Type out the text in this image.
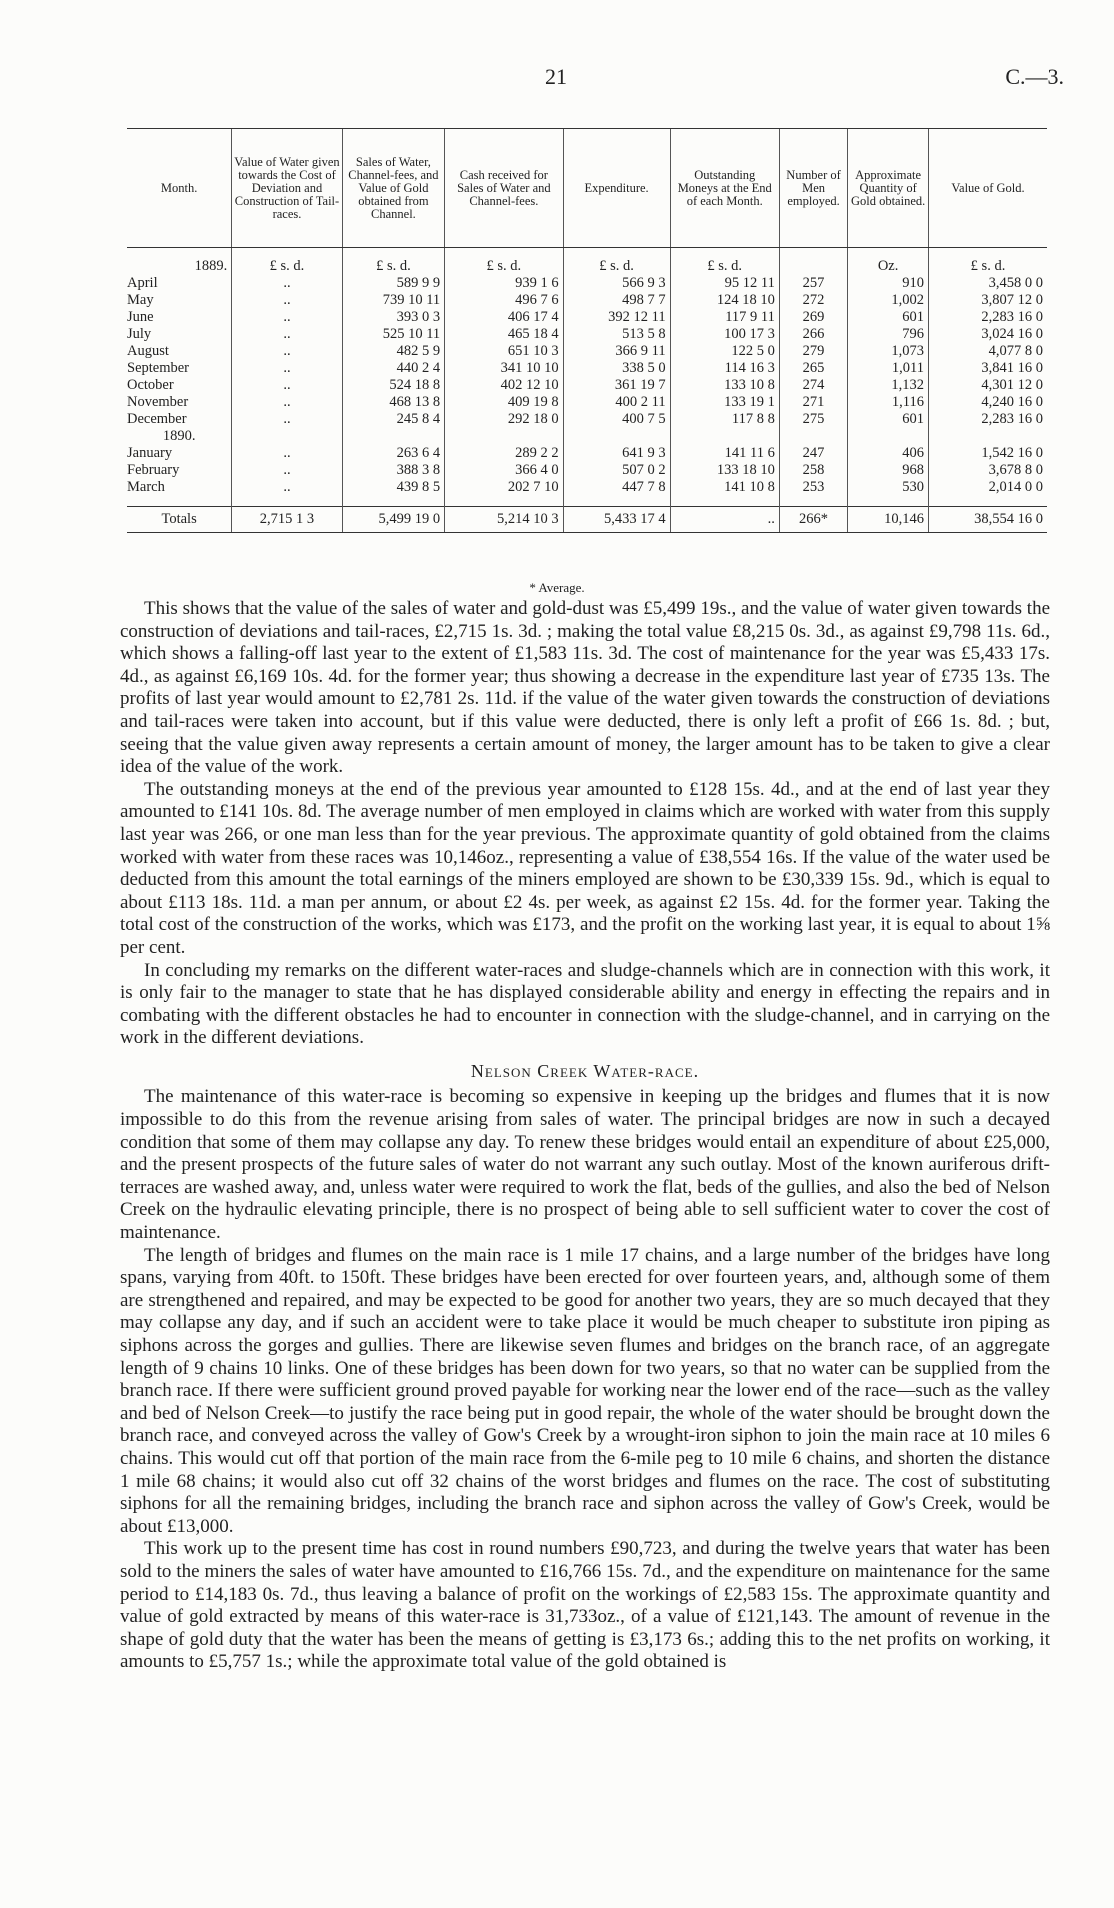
21	C.—3.
Month.	Value of Water given towards the Cost of Deviation and Construction of Tail-races.	Sales of Water, Channel-fees, and Value of Gold obtained from Channel.	Cash received for Sales of Water and Channel-fees.	Expenditure.	Outstanding Moneys at the End of each Month.	Number of Men employed.	Approximate Quantity of Gold obtained.	Value of Gold.
1889.	£ s. d.	£ s. d.	£ s. d.	£ s. d.	£ s. d.		Oz.	£ s. d.
April	..	589 9 9	939 1 6	566 9 3	95 12 11	257	910	3,458 0 0
May	..	739 10 11	496 7 6	498 7 7	124 18 10	272	1,002	3,807 12 0
June	..	393 0 3	406 17 4	392 12 11	117 9 11	269	601	2,283 16 0
July	..	525 10 11	465 18 4	513 5 8	100 17 3	266	796	3,024 16 0
August	..	482 5 9	651 10 3	366 9 11	122 5 0	279	1,073	4,077 8 0
September	..	440 2 4	341 10 10	338 5 0	114 16 3	265	1,011	3,841 16 0
October	..	524 18 8	402 12 10	361 19 7	133 10 8	274	1,132	4,301 12 0
November	..	468 13 8	409 19 8	400 2 11	133 19 1	271	1,116	4,240 16 0
December	..	245 8 4	292 18 0	400 7 5	117 8 8	275	601	2,283 16 0
1890.								
January	..	263 6 4	289 2 2	641 9 3	141 11 6	247	406	1,542 16 0
February	..	388 3 8	366 4 0	507 0 2	133 18 10	258	968	3,678 8 0
March	..	439 8 5	202 7 10	447 7 8	141 10 8	253	530	2,014 0 0
Totals	2,715 1 3	5,499 19 0	5,214 10 3	5,433 17 4	..	266*	10,146	38,554 16 0
* Average.

This shows that the value of the sales of water and gold-dust was £5,499 19s., and the value of water given towards the construction of deviations and tail-races, £2,715 1s. 3d. ; making the total value £8,215 0s. 3d., as against £9,798 11s. 6d., which shows a falling-off last year to the extent of £1,583 11s. 3d. The cost of maintenance for the year was £5,433 17s. 4d., as against £6,169 10s. 4d. for the former year; thus showing a decrease in the expenditure last year of £735 13s. The profits of last year would amount to £2,781 2s. 11d. if the value of the water given towards the construction of deviations and tail-races were taken into account, but if this value were deducted, there is only left a profit of £66 1s. 8d. ; but, seeing that the value given away represents a certain amount of money, the larger amount has to be taken to give a clear idea of the value of the work.

The outstanding moneys at the end of the previous year amounted to £128 15s. 4d., and at the end of last year they amounted to £141 10s. 8d. The average number of men employed in claims which are worked with water from this supply last year was 266, or one man less than for the year previous. The approximate quantity of gold obtained from the claims worked with water from these races was 10,146oz., representing a value of £38,554 16s. If the value of the water used be deducted from this amount the total earnings of the miners employed are shown to be £30,339 15s. 9d., which is equal to about £113 18s. 11d. a man per annum, or about £2 4s. per week, as against £2 15s. 4d. for the former year. Taking the total cost of the construction of the works, which was £173, and the profit on the working last year, it is equal to about 1⅝ per cent.

In concluding my remarks on the different water-races and sludge-channels which are in connection with this work, it is only fair to the manager to state that he has displayed considerable ability and energy in effecting the repairs and in combating with the different obstacles he had to encounter in connection with the sludge-channel, and in carrying on the work in the different deviations.

Nelson Creek Water-race.

The maintenance of this water-race is becoming so expensive in keeping up the bridges and flumes that it is now impossible to do this from the revenue arising from sales of water. The principal bridges are now in such a decayed condition that some of them may collapse any day. To renew these bridges would entail an expenditure of about £25,000, and the present prospects of the future sales of water do not warrant any such outlay. Most of the known auriferous drift-terraces are washed away, and, unless water were required to work the flat, beds of the gullies, and also the bed of Nelson Creek on the hydraulic elevating principle, there is no prospect of being able to sell sufficient water to cover the cost of maintenance.

The length of bridges and flumes on the main race is 1 mile 17 chains, and a large number of the bridges have long spans, varying from 40ft. to 150ft. These bridges have been erected for over fourteen years, and, although some of them are strengthened and repaired, and may be expected to be good for another two years, they are so much decayed that they may collapse any day, and if such an accident were to take place it would be much cheaper to substitute iron piping as siphons across the gorges and gullies. There are likewise seven flumes and bridges on the branch race, of an aggregate length of 9 chains 10 links. One of these bridges has been down for two years, so that no water can be supplied from the branch race. If there were sufficient ground proved payable for working near the lower end of the race—such as the valley and bed of Nelson Creek—to justify the race being put in good repair, the whole of the water should be brought down the branch race, and conveyed across the valley of Gow's Creek by a wrought-iron siphon to join the main race at 10 miles 6 chains. This would cut off that portion of the main race from the 6-mile peg to 10 mile 6 chains, and shorten the distance 1 mile 68 chains; it would also cut off 32 chains of the worst bridges and flumes on the race. The cost of substituting siphons for all the remaining bridges, including the branch race and siphon across the valley of Gow's Creek, would be about £13,000.

This work up to the present time has cost in round numbers £90,723, and during the twelve years that water has been sold to the miners the sales of water have amounted to £16,766 15s. 7d., and the expenditure on maintenance for the same period to £14,183 0s. 7d., thus leaving a balance of profit on the workings of £2,583 15s. The approximate quantity and value of gold extracted by means of this water-race is 31,733oz., of a value of £121,143. The amount of revenue in the shape of gold duty that the water has been the means of getting is £3,173 6s.; adding this to the net profits on working, it amounts to £5,757 1s.; while the approximate total value of the gold obtained is
